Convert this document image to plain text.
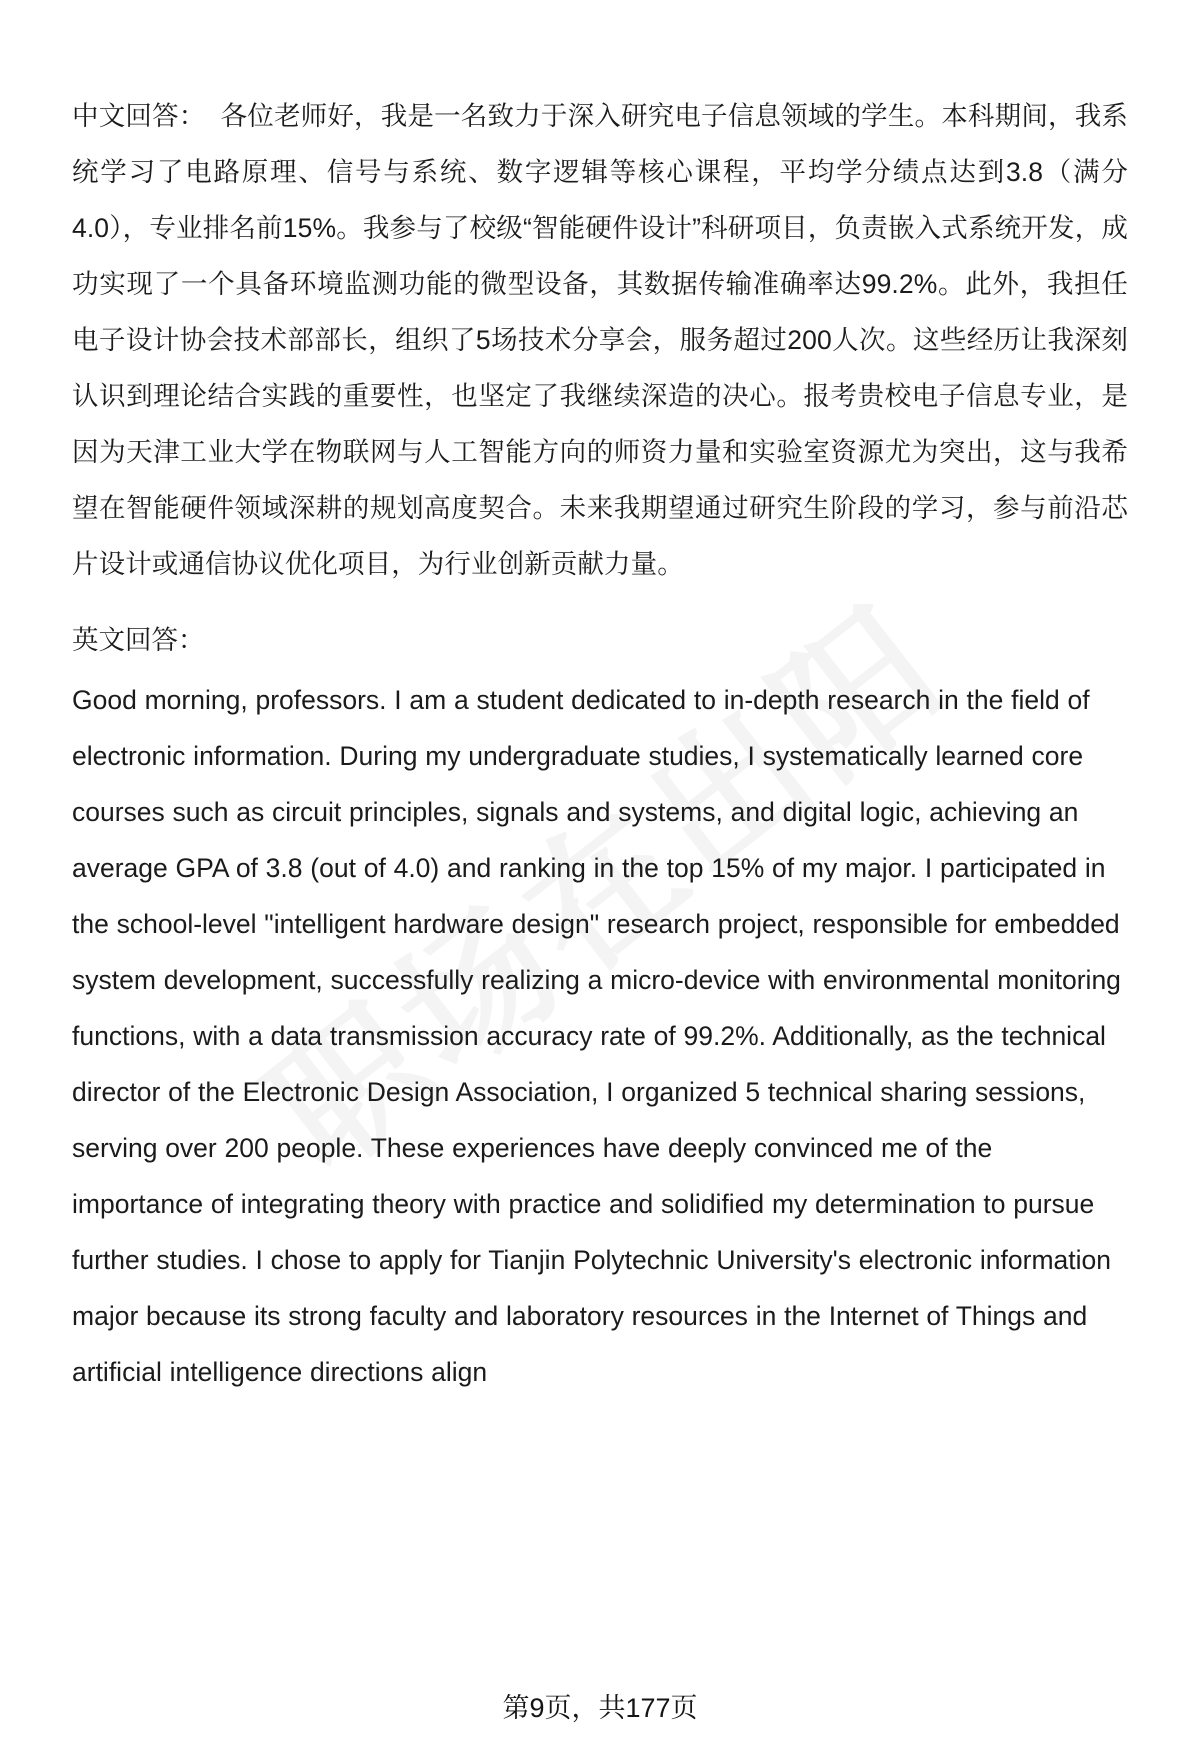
中文回答： 各位老师好，我是一名致力于深入研究电子信息领域的学生。本科期间，我系统学习了电路原理、信号与系统、数字逻辑等核心课程，平均学分绩点达到3.8（满分4.0），专业排名前15%。我参与了校级“智能硬件设计”科研项目，负责嵌入式系统开发，成功实现了一个具备环境监测功能的微型设备，其数据传输准确率达99.2%。此外，我担任电子设计协会技术部部长，组织了5场技术分享会，服务超过200人次。这些经历让我深刻认识到理论结合实践的重要性，也坚定了我继续深造的决心。报考贵校电子信息专业，是因为天津工业大学在物联网与人工智能方向的师资力量和实验室资源尤为突出，这与我希望在智能硬件领域深耕的规划高度契合。未来我期望通过研究生阶段的学习，参与前沿芯片设计或通信协议优化项目，为行业创新贡献力量。

英文回答：

Good morning, professors. I am a student dedicated to in-depth research in the field of electronic information. During my undergraduate studies, I systematically learned core courses such as circuit principles, signals and systems, and digital logic, achieving an average GPA of 3.8 (out of 4.0) and ranking in the top 15% of my major. I participated in the school-level "intelligent hardware design" research project, responsible for embedded system development, successfully realizing a micro-device with environmental monitoring functions, with a data transmission accuracy rate of 99.2%. Additionally, as the technical director of the Electronic Design Association, I organized 5 technical sharing sessions, serving over 200 people. These experiences have deeply convinced me of the importance of integrating theory with practice and solidified my determination to pursue further studies. I chose to apply for Tianjin Polytechnic University's electronic information major because its strong faculty and laboratory resources in the Internet of Things and artificial intelligence directions align

第9页，共177页
